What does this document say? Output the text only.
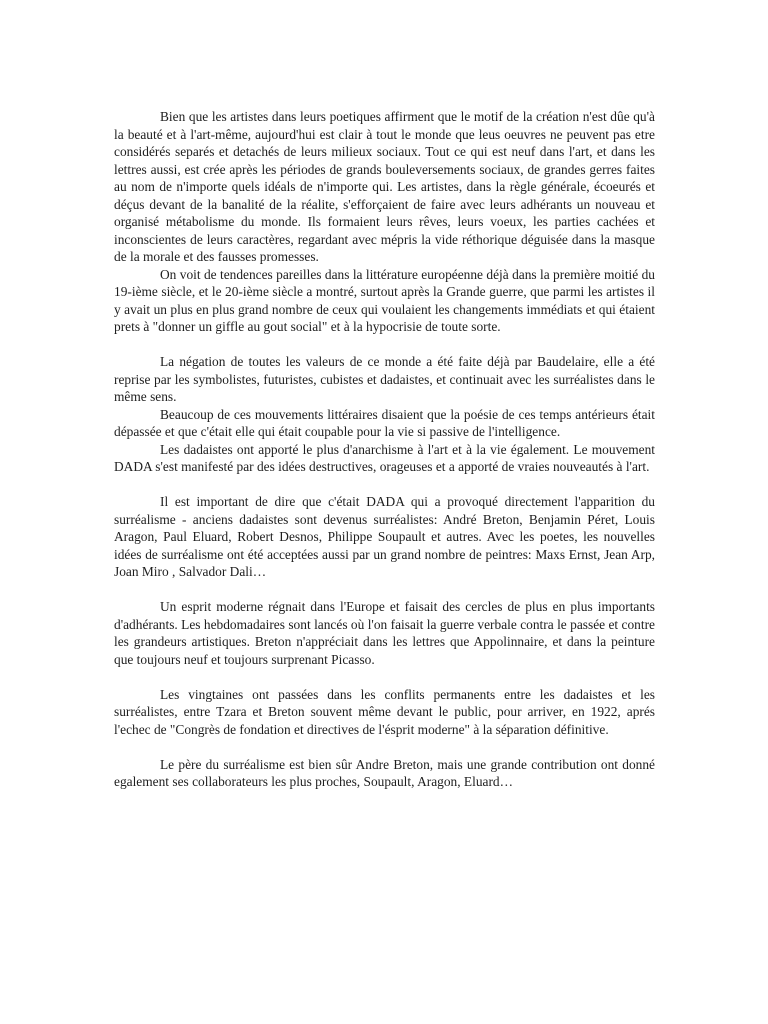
Bien que les artistes dans leurs poetiques affirment que le motif de la création n'est dûe qu'à la beauté et à l'art-même, aujourd'hui est clair à tout le monde que leus oeuvres ne peuvent pas etre considérés separés et detachés de leurs milieux sociaux. Tout ce qui est neuf dans l'art, et dans les lettres aussi, est crée après les périodes de grands bouleversements sociaux, de grandes gerres faites au nom de n'importe quels idéals de n'importe qui. Les artistes, dans la règle générale, écoeurés et déçus devant de la banalité de la réalite, s'efforçaient de faire avec leurs adhérants un nouveau et organisé métabolisme du monde. Ils formaient leurs rêves, leurs voeux, les parties cachées et inconscientes de leurs caractères, regardant avec mépris la vide réthorique déguisée dans la masque de la morale et des fausses promesses.

On voit de tendences pareilles dans la littérature européenne déjà dans la première moitié du 19-ième siècle, et le 20-ième siècle a montré, surtout après la Grande guerre, que parmi les artistes il y avait un plus en plus grand nombre de ceux qui voulaient les changements immédiats et qui étaient prets à "donner un giffle au gout social" et à la hypocrisie de toute sorte.

La négation de toutes les valeurs de ce monde a été faite déjà par Baudelaire, elle a été reprise par les symbolistes, futuristes, cubistes et dadaistes, et continuait avec les surréalistes dans le même sens.

Beaucoup de ces mouvements littéraires disaient que la poésie de ces temps antérieurs était dépassée et que c'était elle qui était coupable pour la vie si passive de l'intelligence.

Les dadaistes ont apporté le plus d'anarchisme à l'art et à la vie également. Le mouvement DADA s'est manifesté par des idées destructives, orageuses et a apporté de vraies nouveautés à l'art.

Il est important de dire que c'était DADA qui a provoqué directement l'apparition du surréalisme - anciens dadaistes sont devenus surréalistes: André Breton, Benjamin Péret, Louis Aragon, Paul Eluard, Robert Desnos, Philippe Soupault et autres. Avec les poetes, les nouvelles idées de surréalisme ont été acceptées aussi par un grand nombre de peintres: Maxs Ernst, Jean Arp, Joan Miro , Salvador Dali…

Un esprit moderne régnait dans l'Europe et faisait des cercles de plus en plus importants d'adhérants. Les hebdomadaires sont lancés où l'on faisait la guerre verbale contra le passée et contre les grandeurs artistiques. Breton n'appréciait dans les lettres que Appolinnaire, et dans la peinture que toujours neuf et toujours surprenant Picasso.

Les vingtaines ont passées dans les conflits permanents entre les dadaistes et les surréalistes, entre Tzara et Breton souvent même devant le public, pour arriver, en 1922, aprés l'echec de "Congrès de fondation et directives de l'ésprit moderne" à la séparation définitive.

Le père du surréalisme est bien sûr Andre Breton, mais une grande contribution ont donné egalement ses collaborateurs les plus proches, Soupault, Aragon, Eluard…
